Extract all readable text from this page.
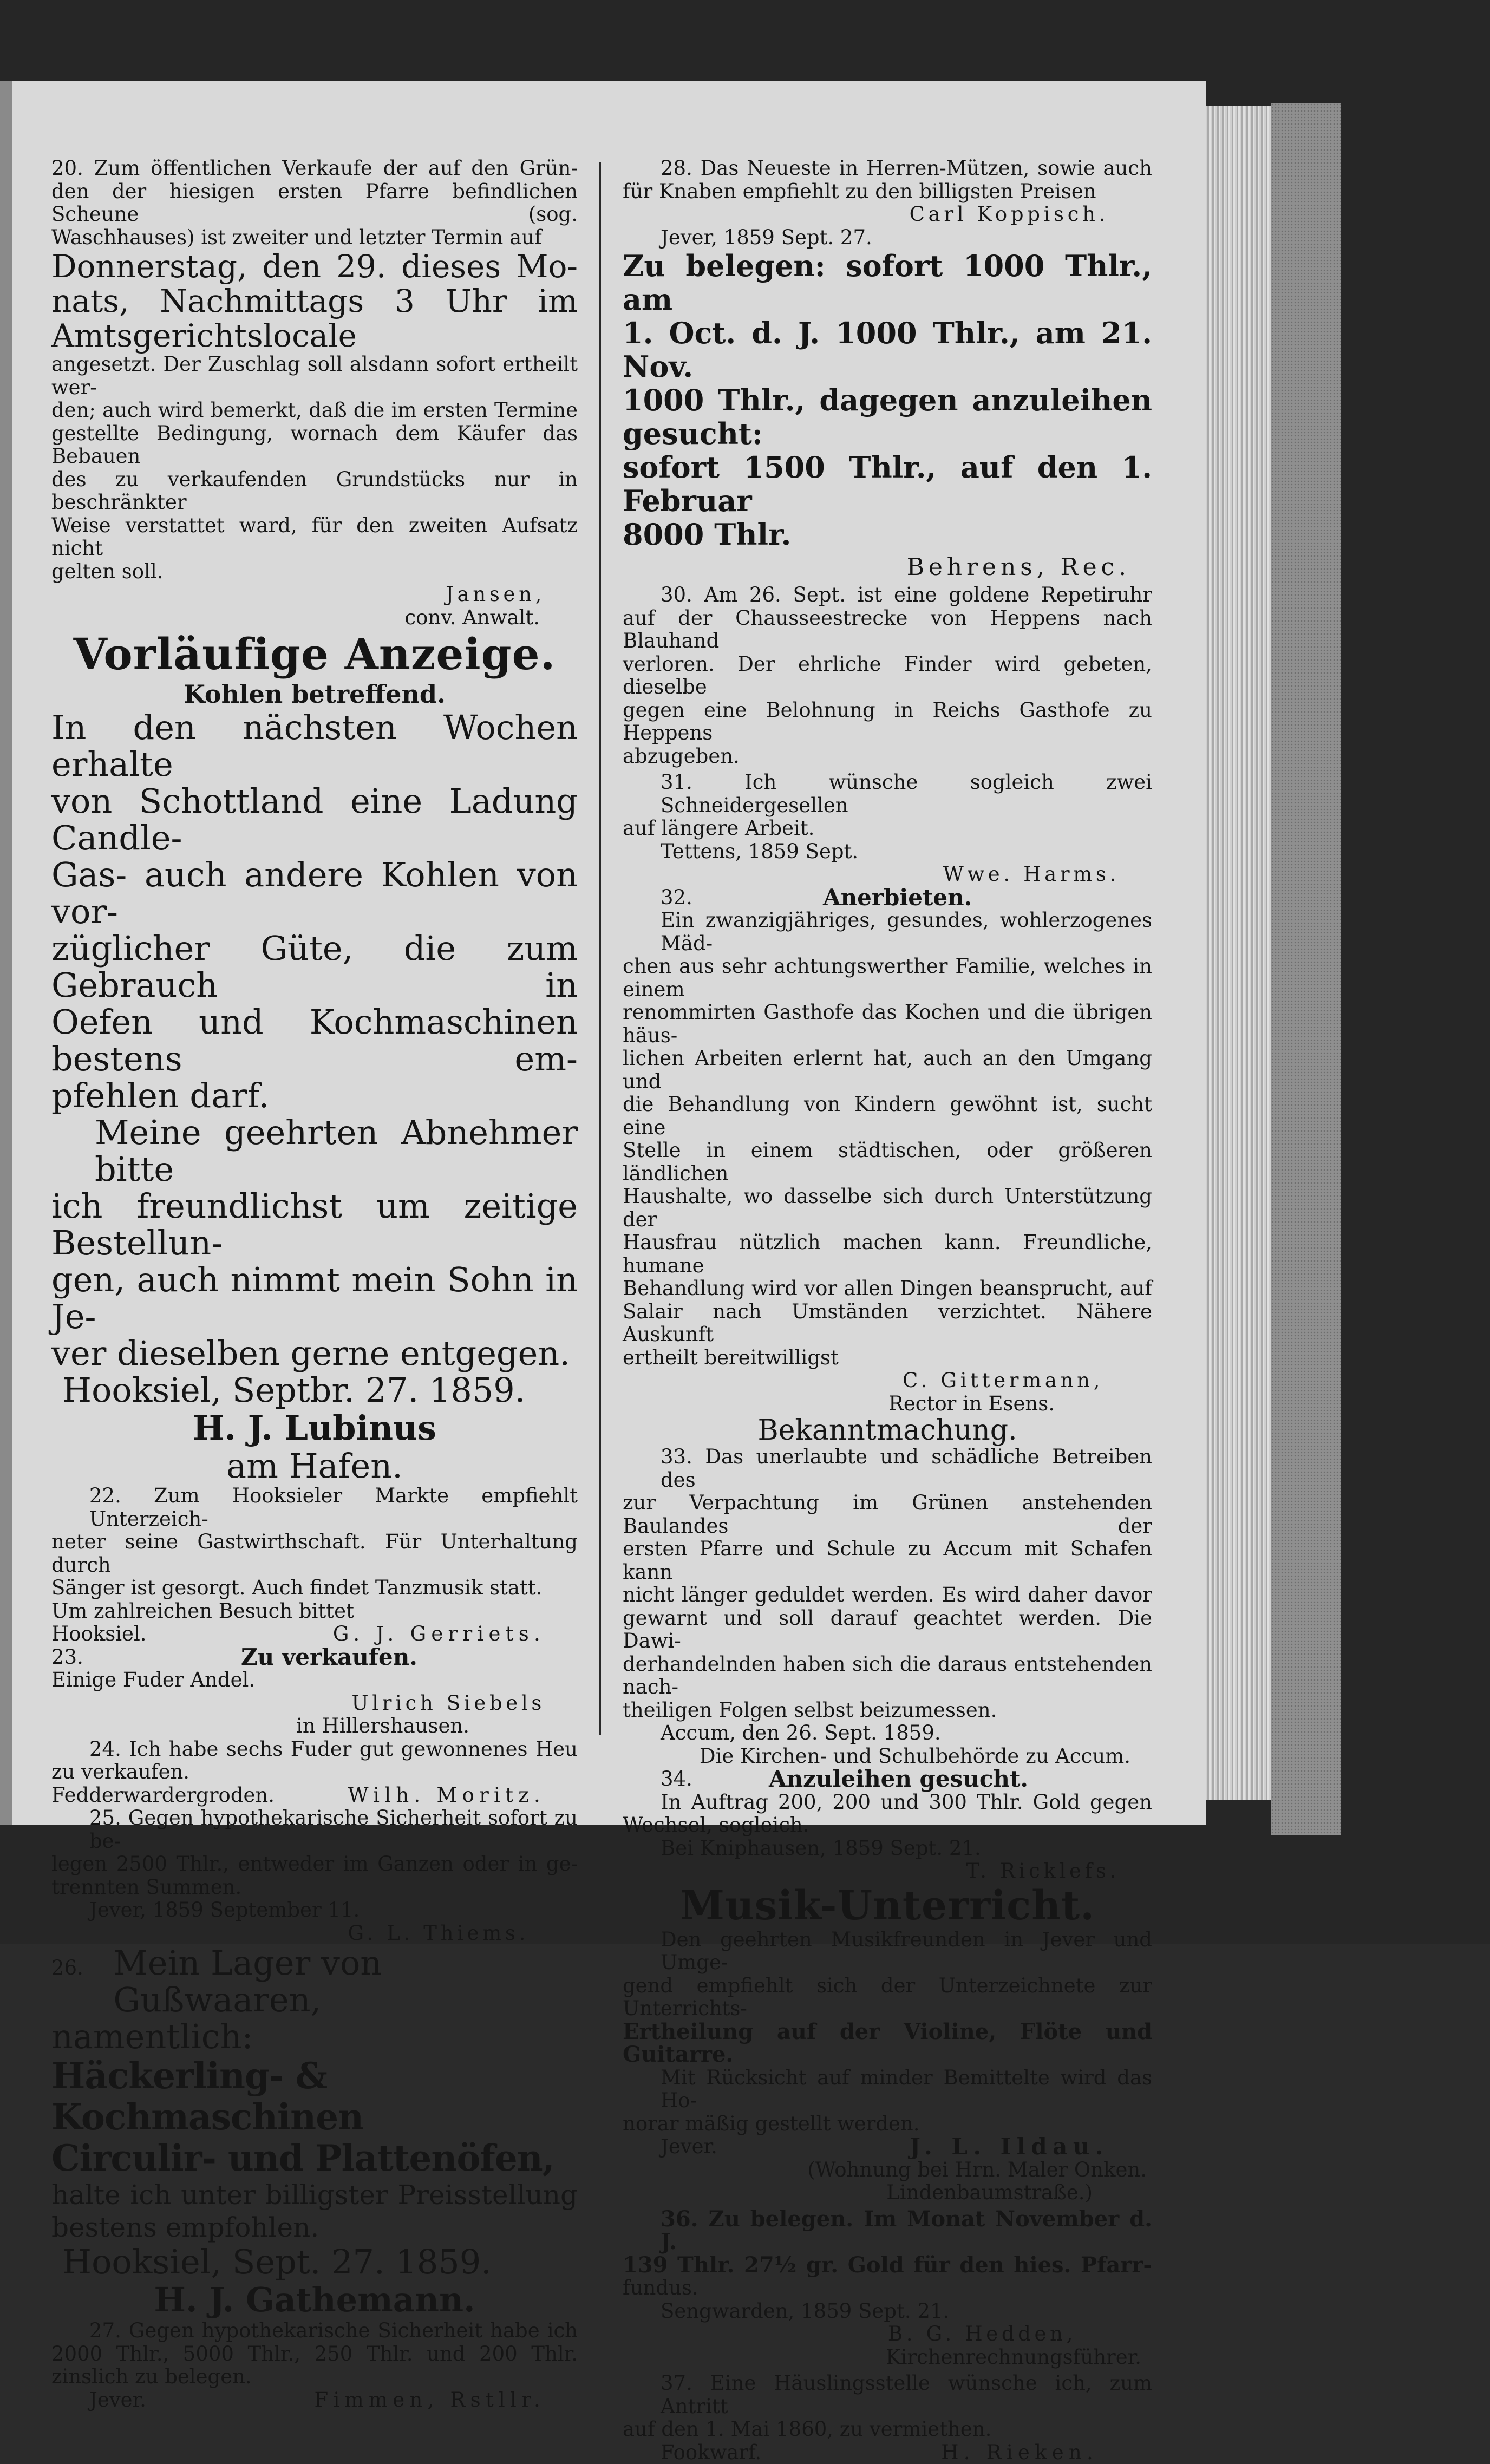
20. Zum öffentlichen Verkaufe der auf den Grün-

den der hiesigen ersten Pfarre befindlichen Scheune (sog.

Waschhauses) ist zweiter und letzter Termin auf

Donnerstag, den 29. dieses Mo-

nats, Nachmittags 3 Uhr im

Amtsgerichtslocale

angesetzt. Der Zuschlag soll alsdann sofort ertheilt wer-

den; auch wird bemerkt, daß die im ersten Termine

gestellte Bedingung, wornach dem Käufer das Bebauen

des zu verkaufenden Grundstücks nur in beschränkter

Weise verstattet ward, für den zweiten Aufsatz nicht

gelten soll.

Jansen,

conv. Anwalt.

Vorläufige Anzeige.

Kohlen betreffend.

In den nächsten Wochen erhalte

von Schottland eine Ladung Candle-

Gas- auch andere Kohlen von vor-

züglicher Güte, die zum Gebrauch in

Oefen und Kochmaschinen bestens em-

pfehlen darf.

Meine geehrten Abnehmer bitte

ich freundlichst um zeitige Bestellun-

gen, auch nimmt mein Sohn in Je-

ver dieselben gerne entgegen.

Hooksiel, Septbr. 27. 1859.

H. J. Lubinus

am Hafen.

22. Zum Hooksieler Markte empfiehlt Unterzeich-

neter seine Gastwirthschaft. Für Unterhaltung durch

Sänger ist gesorgt. Auch findet Tanzmusik statt.

Um zahlreichen Besuch bittet

Hooksiel.	G. J. Gerriets.

23.	Zu verkaufen.

Einige Fuder Andel.

Ulrich Siebels

in Hillershausen.

24. Ich habe sechs Fuder gut gewonnenes Heu

zu verkaufen.

Fedderwardergroden.	Wilh. Moritz.

25. Gegen hypothekarische Sicherheit sofort zu be-

legen 2500 Thlr., entweder im Ganzen oder in ge-

trennten Summen.

Jever, 1859 September 11.

G. L. Thiems.

26. Mein Lager von Gußwaaren,

namentlich:

Häckerling- & Kochmaschinen

Circulir- und Plattenöfen,

halte ich unter billigster Preisstellung

bestens empfohlen.

Hooksiel, Sept. 27. 1859.

H. J. Gathemann.

27. Gegen hypothekarische Sicherheit habe ich

2000 Thlr., 5000 Thlr., 250 Thlr. und 200 Thlr.

zinslich zu belegen.

Jever.	Fimmen, Rstllr.

28. Das Neueste in Herren-Mützen, sowie auch

für Knaben empfiehlt zu den billigsten Preisen

Carl Koppisch.

Jever, 1859 Sept. 27.

Zu belegen: sofort 1000 Thlr., am

1. Oct. d. J. 1000 Thlr., am 21. Nov.

1000 Thlr., dagegen anzuleihen gesucht:

sofort 1500 Thlr., auf den 1. Februar

8000 Thlr.

Behrens, Rec.

30. Am 26. Sept. ist eine goldene Repetiruhr

auf der Chausseestrecke von Heppens nach Blauhand

verloren. Der ehrliche Finder wird gebeten, dieselbe

gegen eine Belohnung in Reichs Gasthofe zu Heppens

abzugeben.

31. Ich wünsche sogleich zwei Schneidergesellen

auf längere Arbeit.

Tettens, 1859 Sept.

Wwe. Harms.

32.	Anerbieten.

Ein zwanzigjähriges, gesundes, wohlerzogenes Mäd-

chen aus sehr achtungswerther Familie, welches in einem

renommirten Gasthofe das Kochen und die übrigen häus-

lichen Arbeiten erlernt hat, auch an den Umgang und

die Behandlung von Kindern gewöhnt ist, sucht eine

Stelle in einem städtischen, oder größeren ländlichen

Haushalte, wo dasselbe sich durch Unterstützung der

Hausfrau nützlich machen kann. Freundliche, humane

Behandlung wird vor allen Dingen beansprucht, auf

Salair nach Umständen verzichtet. Nähere Auskunft

ertheilt bereitwilligst

C. Gittermann,

Rector in Esens.

Bekanntmachung.

33. Das unerlaubte und schädliche Betreiben des

zur Verpachtung im Grünen anstehenden Baulandes der

ersten Pfarre und Schule zu Accum mit Schafen kann

nicht länger geduldet werden. Es wird daher davor

gewarnt und soll darauf geachtet werden. Die Dawi-

derhandelnden haben sich die daraus entstehenden nach-

theiligen Folgen selbst beizumessen.

Accum, den 26. Sept. 1859.

Die Kirchen- und Schulbehörde zu Accum.

34.	Anzuleihen gesucht.

In Auftrag 200, 200 und 300 Thlr. Gold gegen

Wechsel, sogleich.

Bei Kniphausen, 1859 Sept. 21.

T. Ricklefs.

Musik-Unterricht.

Den geehrten Musikfreunden in Jever und Umge-

gend empfiehlt sich der Unterzeichnete zur Unterrichts-

Ertheilung auf der Violine, Flöte und Guitarre.

Mit Rücksicht auf minder Bemittelte wird das Ho-

norar mäßig gestellt werden.

Jever.	J. L. Ildau.

(Wohnung bei Hrn. Maler Onken.

Lindenbaumstraße.)

36. Zu belegen. Im Monat November d. J.

139 Thlr. 27½ gr. Gold für den hies. Pfarr-

fundus.

Sengwarden, 1859 Sept. 21.

B. G. Hedden,

Kirchenrechnungsführer.

37. Eine Häuslingsstelle wünsche ich, zum Antritt

auf den 1. Mai 1860, zu vermiethen.

Fookwarf.	H. Rieken.
